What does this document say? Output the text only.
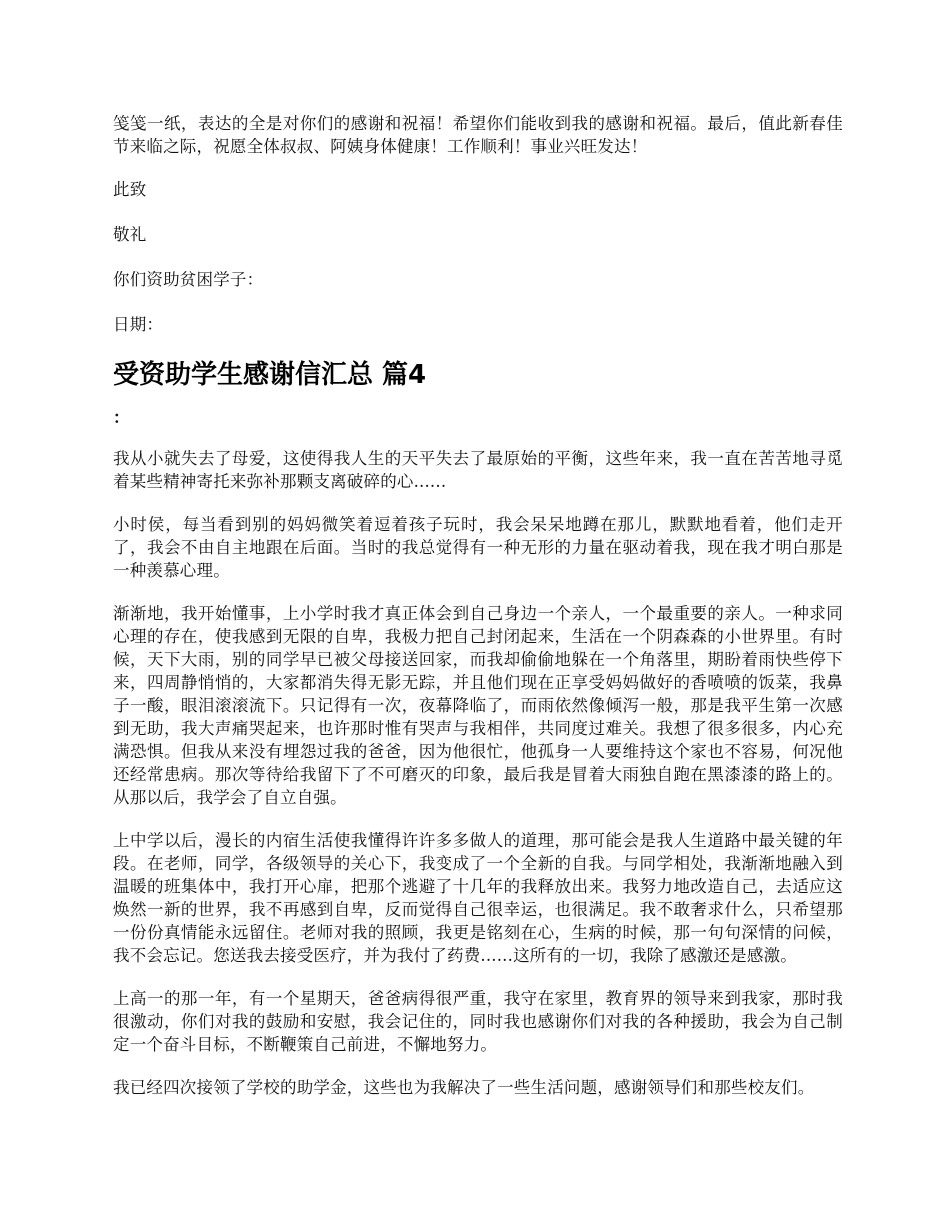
笺笺一纸，表达的全是对你们的感谢和祝福！希望你们能收到我的感谢和祝福。最后，值此新春佳节来临之际，祝愿全体叔叔、阿姨身体健康！工作顺利！事业兴旺发达！

此致

敬礼

你们资助贫困学子：

日期：

受资助学生感谢信汇总 篇4

：

我从小就失去了母爱，这使得我人生的天平失去了最原始的平衡，这些年来，我一直在苦苦地寻觅着某些精神寄托来弥补那颗支离破碎的心......

小时侯，每当看到别的妈妈微笑着逗着孩子玩时，我会呆呆地蹲在那儿，默默地看着，他们走开了，我会不由自主地跟在后面。当时的我总觉得有一种无形的力量在驱动着我，现在我才明白那是一种羡慕心理。

渐渐地，我开始懂事，上小学时我才真正体会到自己身边一个亲人，一个最重要的亲人。一种求同心理的存在，使我感到无限的自卑，我极力把自己封闭起来，生活在一个阴森森的小世界里。有时候，天下大雨，别的同学早已被父母接送回家，而我却偷偷地躲在一个角落里，期盼着雨快些停下来，四周静悄悄的，大家都消失得无影无踪，并且他们现在正享受妈妈做好的香喷喷的饭菜，我鼻子一酸，眼泪滚滚流下。只记得有一次，夜幕降临了，而雨依然像倾泻一般，那是我平生第一次感到无助，我大声痛哭起来，也许那时惟有哭声与我相伴，共同度过难关。我想了很多很多，内心充满恐惧。但我从来没有埋怨过我的爸爸，因为他很忙，他孤身一人要维持这个家也不容易，何况他还经常患病。那次等待给我留下了不可磨灭的印象，最后我是冒着大雨独自跑在黑漆漆的路上的。从那以后，我学会了自立自强。

上中学以后，漫长的内宿生活使我懂得许许多多做人的道理，那可能会是我人生道路中最关键的年段。在老师，同学，各级领导的关心下，我变成了一个全新的自我。与同学相处，我渐渐地融入到温暖的班集体中，我打开心扉，把那个逃避了十几年的我释放出来。我努力地改造自己，去适应这焕然一新的世界，我不再感到自卑，反而觉得自己很幸运，也很满足。我不敢奢求什么，只希望那一份份真情能永远留住。老师对我的照顾，我更是铭刻在心，生病的时候，那一句句深情的问候，我不会忘记。您送我去接受医疗，并为我付了药费......这所有的一切，我除了感激还是感激。

上高一的那一年，有一个星期天，爸爸病得很严重，我守在家里，教育界的领导来到我家，那时我很激动，你们对我的鼓励和安慰，我会记住的，同时我也感谢你们对我的各种援助，我会为自己制定一个奋斗目标，不断鞭策自己前进，不懈地努力。

我已经四次接领了学校的助学金，这些也为我解决了一些生活问题，感谢领导们和那些校友们。
